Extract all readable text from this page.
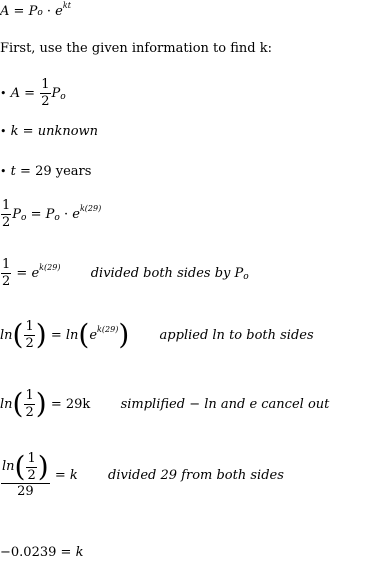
$A = Po \cdot e^{kt}$
First, use the given information to find k:
• $A = \frac{1}{2}$ Po
• k = unknown
• t = 29 years
$\frac{1}{2}$ Po = Po · ek(29)
$\frac{1}{2} = ek(29)$ divided both sides by Po
$\ln( \frac{1}{2}$ ) = ln(ek(29)) applied ln to both sides
$\ln( \frac{1}{2}$ ) = 29k simplified − ln and e cancel out
$\frac{\ln( \frac{1}{2} )}{29} = k$ divided 29 from both sides
−0.0239 = k
